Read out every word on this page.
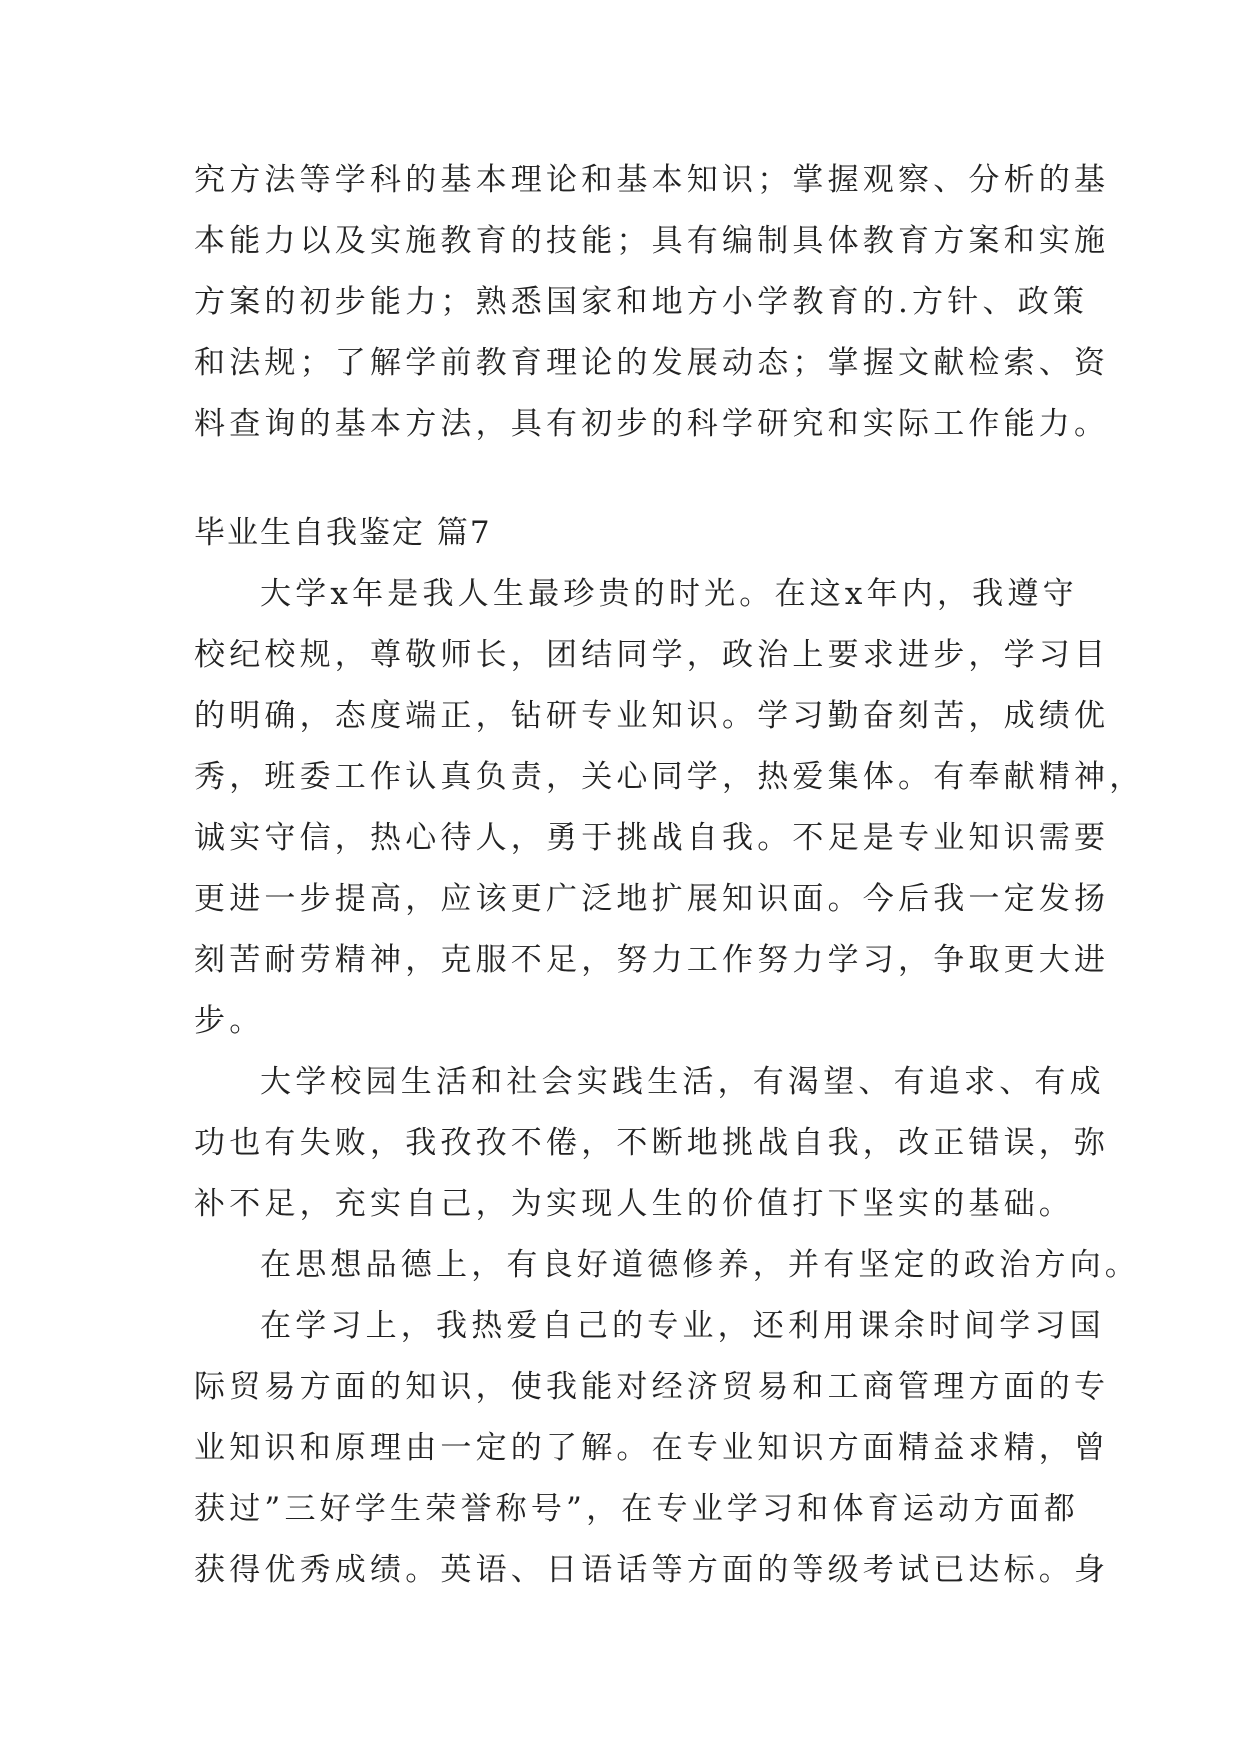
究方法等学科的基本理论和基本知识；掌握观察、分析的基
本能力以及实施教育的技能；具有编制具体教育方案和实施
方案的初步能力；熟悉国家和地方小学教育的.方针、政策
和法规；了解学前教育理论的发展动态；掌握文献检索、资
料查询的基本方法，具有初步的科学研究和实际工作能力。
毕业生自我鉴定 篇7
大学x年是我人生最珍贵的时光。在这x年内，我遵守
校纪校规，尊敬师长，团结同学，政治上要求进步，学习目
的明确，态度端正，钻研专业知识。学习勤奋刻苦，成绩优
秀，班委工作认真负责，关心同学，热爱集体。有奉献精神，
诚实守信，热心待人，勇于挑战自我。不足是专业知识需要
更进一步提高，应该更广泛地扩展知识面。今后我一定发扬
刻苦耐劳精神，克服不足，努力工作努力学习，争取更大进
步。
大学校园生活和社会实践生活，有渴望、有追求、有成
功也有失败，我孜孜不倦，不断地挑战自我，改正错误，弥
补不足，充实自己，为实现人生的价值打下坚实的基础。
在思想品德上，有良好道德修养，并有坚定的政治方向。
在学习上，我热爱自己的专业，还利用课余时间学习国
际贸易方面的知识，使我能对经济贸易和工商管理方面的专
业知识和原理由一定的了解。在专业知识方面精益求精，曾
获过”三好学生荣誉称号”，在专业学习和体育运动方面都
获得优秀成绩。英语、日语话等方面的等级考试已达标。身
